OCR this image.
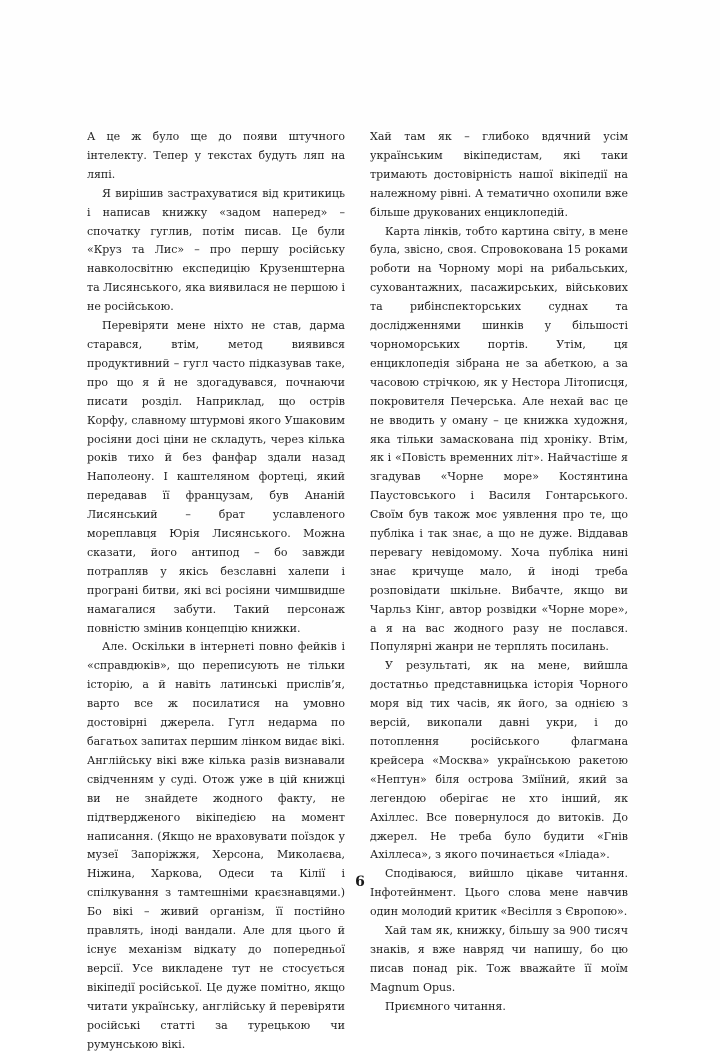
А це ж було ще до появи штучного інтелекту. Тепер у текстах будуть ляп на ляпі.

Я вирішив застрахуватися від критикиць і написав книжку «задом наперед» – спочатку гуглив, потім писав. Це були «Круз та Лис» – про першу російську навколосвітню експедицію Крузенштерна та Лисянського, яка виявилася не першою і не російською.

Перевіряти мене ніхто не став, дарма старався, втім, метод виявився продуктивний – гугл часто підказував таке, про що я й не здогадувався, почнаючи писати розділ. Наприклад, що острів Корфу, славному штурмові якого Ушаковим росіяни досі ціни не складуть, через кілька років тихо й без фанфар здали назад Наполеону. І каштеляном фортеці, який передавав її французам, був Ананій Лисянський – брат уславленого мореплавця Юрія Лисянського. Можна сказати, його антипод – бо завжди потрапляв у якісь безславні халепи і програні битви, які всі росіяни чимшвидше намагалися забути. Такий персонаж повністю змінив концепцію книжки.

Але. Оскільки в інтернеті повно фейків і «справдюків», що переписують не тільки історію, а й навіть латинські прислів’я, варто все ж посилатися на умовно достовірні джерела. Гугл недарма по багатьох запитах першим лінком видає вікі. Англійську вікі вже кілька разів визнавали свідченням у суді. Отож уже в цій книжці ви не знайдете жодного факту, не підтвердженого вікіпедією на момент написання. (Якщо не враховувати поїздок у музеї Запоріжжя, Херсона, Миколаєва, Ніжина, Харкова, Одеси та Кілії і спілкування з тамтешніми краєзнавцями.) Бо вікі – живий організм, її постійно правлять, іноді вандали. Але для цього й існує механізм відкату до попередньої версії. Усе викладене тут не стосується вікіпедії російської. Це дуже помітно, якщо читати українську, англійську й перевіряти російські статті за турецькою чи румунською вікі.

Хай там як – глибоко вдячний усім українським вікіпедистам, які таки тримають достовірність нашої вікіпедії на належному рівні. А тематично охопили вже більше друкованих енциклопедій.

Карта лінків, тобто картина світу, в мене була, звісно, своя. Спровокована 15 роками роботи на Чорному морі на рибальських, суховантажних, пасажирських, військових та рибінспекторських суднах та дослідженнями шинків у більшості чорноморських портів. Утім, ця енциклопедія зібрана не за абеткою, а за часовою стрічкою, як у Нестора Літописця, покровителя Печерська. Але нехай вас це не вводить у оману – це книжка художня, яка тільки замаскована під хроніку. Втім, як і «Повість временних літ». Найчастіше я згадував «Чорне море» Костянтина Паустовського і Василя Гонтарського. Своїм був також моє уявлення про те, що публіка і так знає, а що не дуже. Віддавав перевагу невідомому. Хоча публіка нині знає кричуще мало, й іноді треба розповідати шкільне. Вибачте, якщо ви Чарльз Кінг, автор розвідки «Чорне море», а я на вас жодного разу не послався. Популярні жанри не терплять посилань.

У результаті, як на мене, вийшла достатньо представницька історія Чорного моря від тих часів, як його, за однією з версій, викопали давні укри, і до потоплення російського флагмана крейсера «Москва» українською ракетою «Нептун» біля острова Зміїний, який за легендою оберігає не хто інший, як Ахіллес. Все повернулося до витоків. До джерел. Не треба було будити «Гнів Ахіллеса», з якого починається «Іліада».

Сподіваюся, вийшло цікаве читання. Інфотейнмент. Цього слова мене навчив один молодий критик «Весілля з Європою».

Хай там як, книжку, більшу за 900 тисяч знаків, я вже навряд чи напишу, бо цю писав понад рік. Тож вважайте її моїм Magnum Opus.

Приємного читання.

6
